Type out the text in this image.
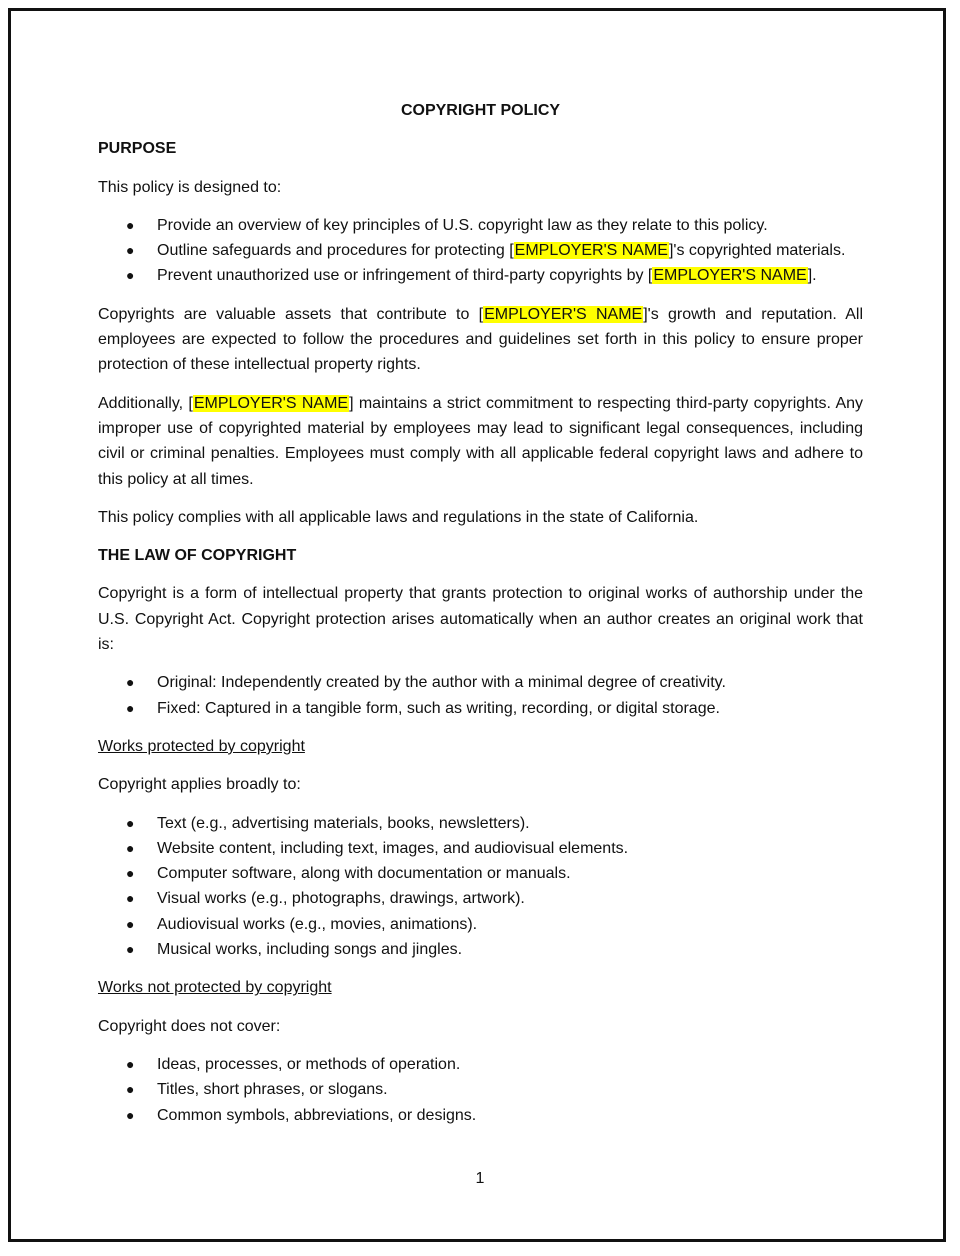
COPYRIGHT POLICY
PURPOSE

This policy is designed to:

● Provide an overview of key principles of U.S. copyright law as they relate to this policy.
● Outline safeguards and procedures for protecting [EMPLOYER'S NAME]'s copyrighted materials.
● Prevent unauthorized use or infringement of third-party copyrights by [EMPLOYER'S NAME].

Copyrights are valuable assets that contribute to [EMPLOYER'S NAME]'s growth and reputation. All employees are expected to follow the procedures and guidelines set forth in this policy to ensure proper protection of these intellectual property rights.

Additionally, [EMPLOYER'S NAME] maintains a strict commitment to respecting third-party copyrights. Any improper use of copyrighted material by employees may lead to significant legal consequences, including civil or criminal penalties. Employees must comply with all applicable federal copyright laws and adhere to this policy at all times.

This policy complies with all applicable laws and regulations in the state of California.

THE LAW OF COPYRIGHT

Copyright is a form of intellectual property that grants protection to original works of authorship under the U.S. Copyright Act. Copyright protection arises automatically when an author creates an original work that is:

● Original: Independently created by the author with a minimal degree of creativity.
● Fixed: Captured in a tangible form, such as writing, recording, or digital storage.
Works protected by copyright

Copyright applies broadly to:

● Text (e.g., advertising materials, books, newsletters).
● Website content, including text, images, and audiovisual elements.
● Computer software, along with documentation or manuals.
● Visual works (e.g., photographs, drawings, artwork).
● Audiovisual works (e.g., movies, animations).
● Musical works, including songs and jingles.
Works not protected by copyright

Copyright does not cover:

● Ideas, processes, or methods of operation.
● Titles, short phrases, or slogans.
● Common symbols, abbreviations, or designs.
1
